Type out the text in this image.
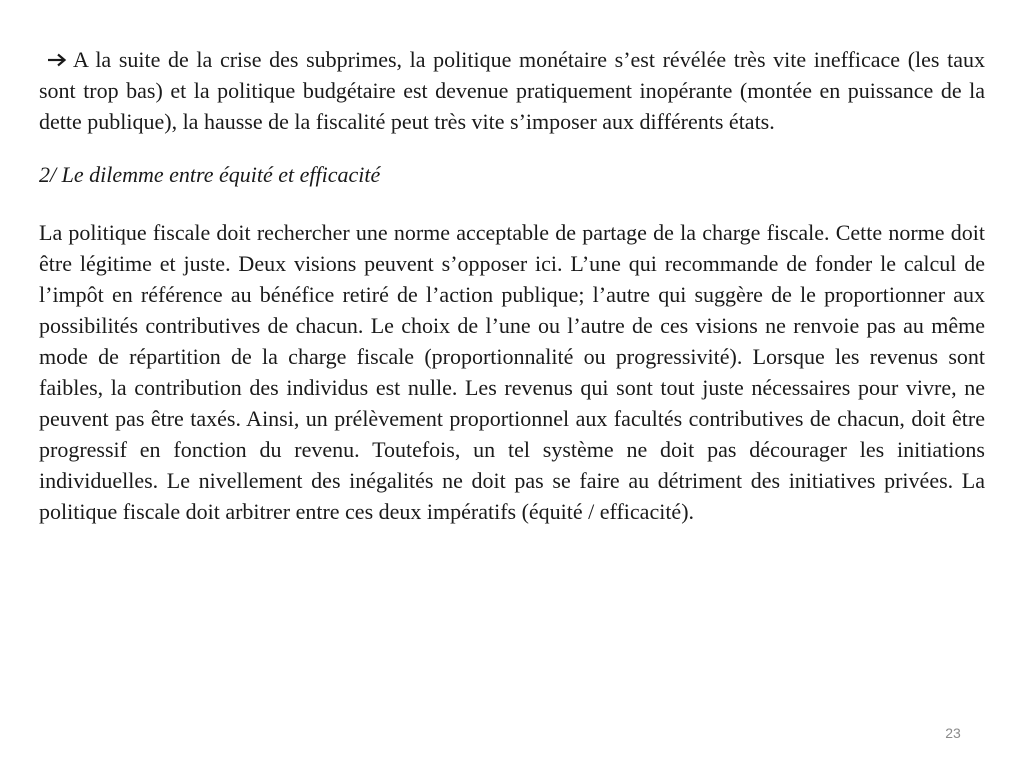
A la suite de la crise des subprimes, la politique monétaire s’est révélée très vite inefficace (les taux sont trop bas) et la politique budgétaire est devenue pratiquement inopérante (montée en puissance de la dette publique), la hausse de la fiscalité peut très vite s’imposer aux différents états.

2/ Le dilemme entre équité et efficacité

La politique fiscale doit rechercher une norme acceptable de partage de la charge fiscale. Cette norme doit être légitime et juste. Deux visions peuvent s’opposer ici. L’une qui recommande de fonder le calcul de l’impôt en référence au bénéfice retiré de l’action publique; l’autre qui suggère de le proportionner aux possibilités contributives de chacun. Le choix de l’une ou l’autre de ces visions ne renvoie pas au même mode de répartition de la charge fiscale (proportionnalité ou progressivité). Lorsque les revenus sont faibles, la contribution des individus est nulle. Les revenus qui sont tout juste nécessaires pour vivre, ne peuvent pas être taxés. Ainsi, un prélèvement proportionnel aux facultés contributives de chacun, doit être progressif en fonction du revenu. Toutefois, un tel système ne doit pas décourager les initiations individuelles. Le nivellement des inégalités ne doit pas se faire au détriment des initiatives privées. La politique fiscale doit arbitrer entre ces deux impératifs (équité / efficacité).

23
